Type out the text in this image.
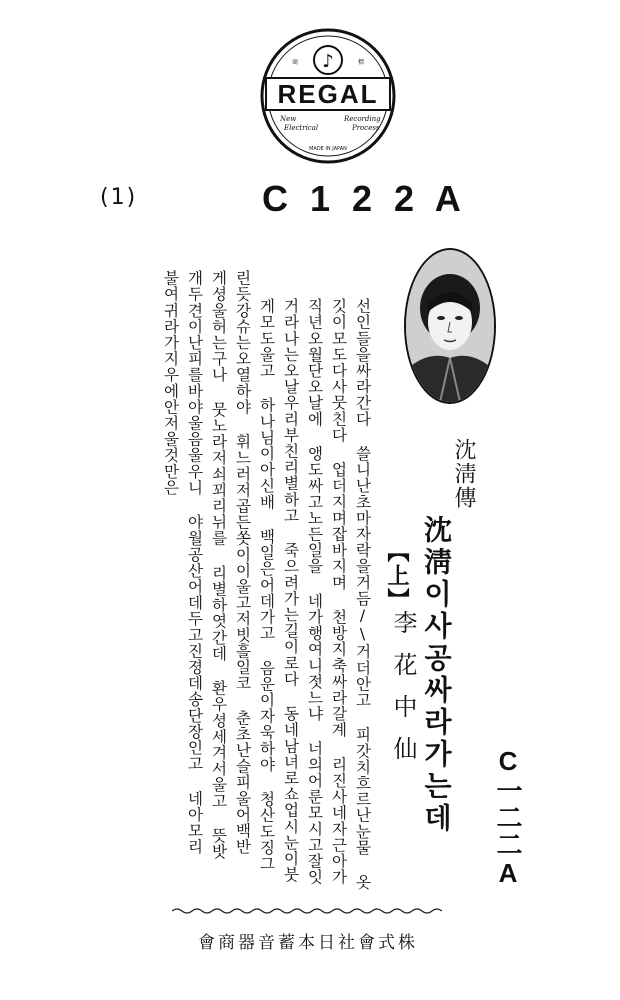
REGAL
♪
商	標
New
Electrical
Recording
Process
MADE IN JAPAN
(1)	C 1 2 2 A
沈淸傳
沈淸이사공싸라가는데
【上】
李花中仙
C一二二A
선인들을싸라간다 쓸니난초마자락을거듬/\거더안고 피갓치흐르난눈물 옷
깃이모도다사뭇친다 업더지며잡바지며 천방지축싸라갈계 리진사네자근아가
직년오월단오날에 앵도싸고노든일을 네가행여니젓느냐 너의어룬모시고잘잇
거라나는오날우리부친리별하고 죽으려가는길이로다 동네남녀로쇼업시눈이붓
게모도울고 하나님이아신배 백일은어데가고 음운이자욱하야 청산도징그
린듯강슈는오열하야 휘느러저곱든쏫이이울고저빗흘일코 춘초난슬피울어백반
게셩울허는구나 뭇노라저쇠꾀리뉘를 리별하엿간데 환우셩세겨서울고 뜻밧
개두견이난피를바야울음울우니 야월공산어데두고진졍데송단장인고 네아모리
불여귀라가지우에안저울것만은
會商器音蓄本日社會式株
